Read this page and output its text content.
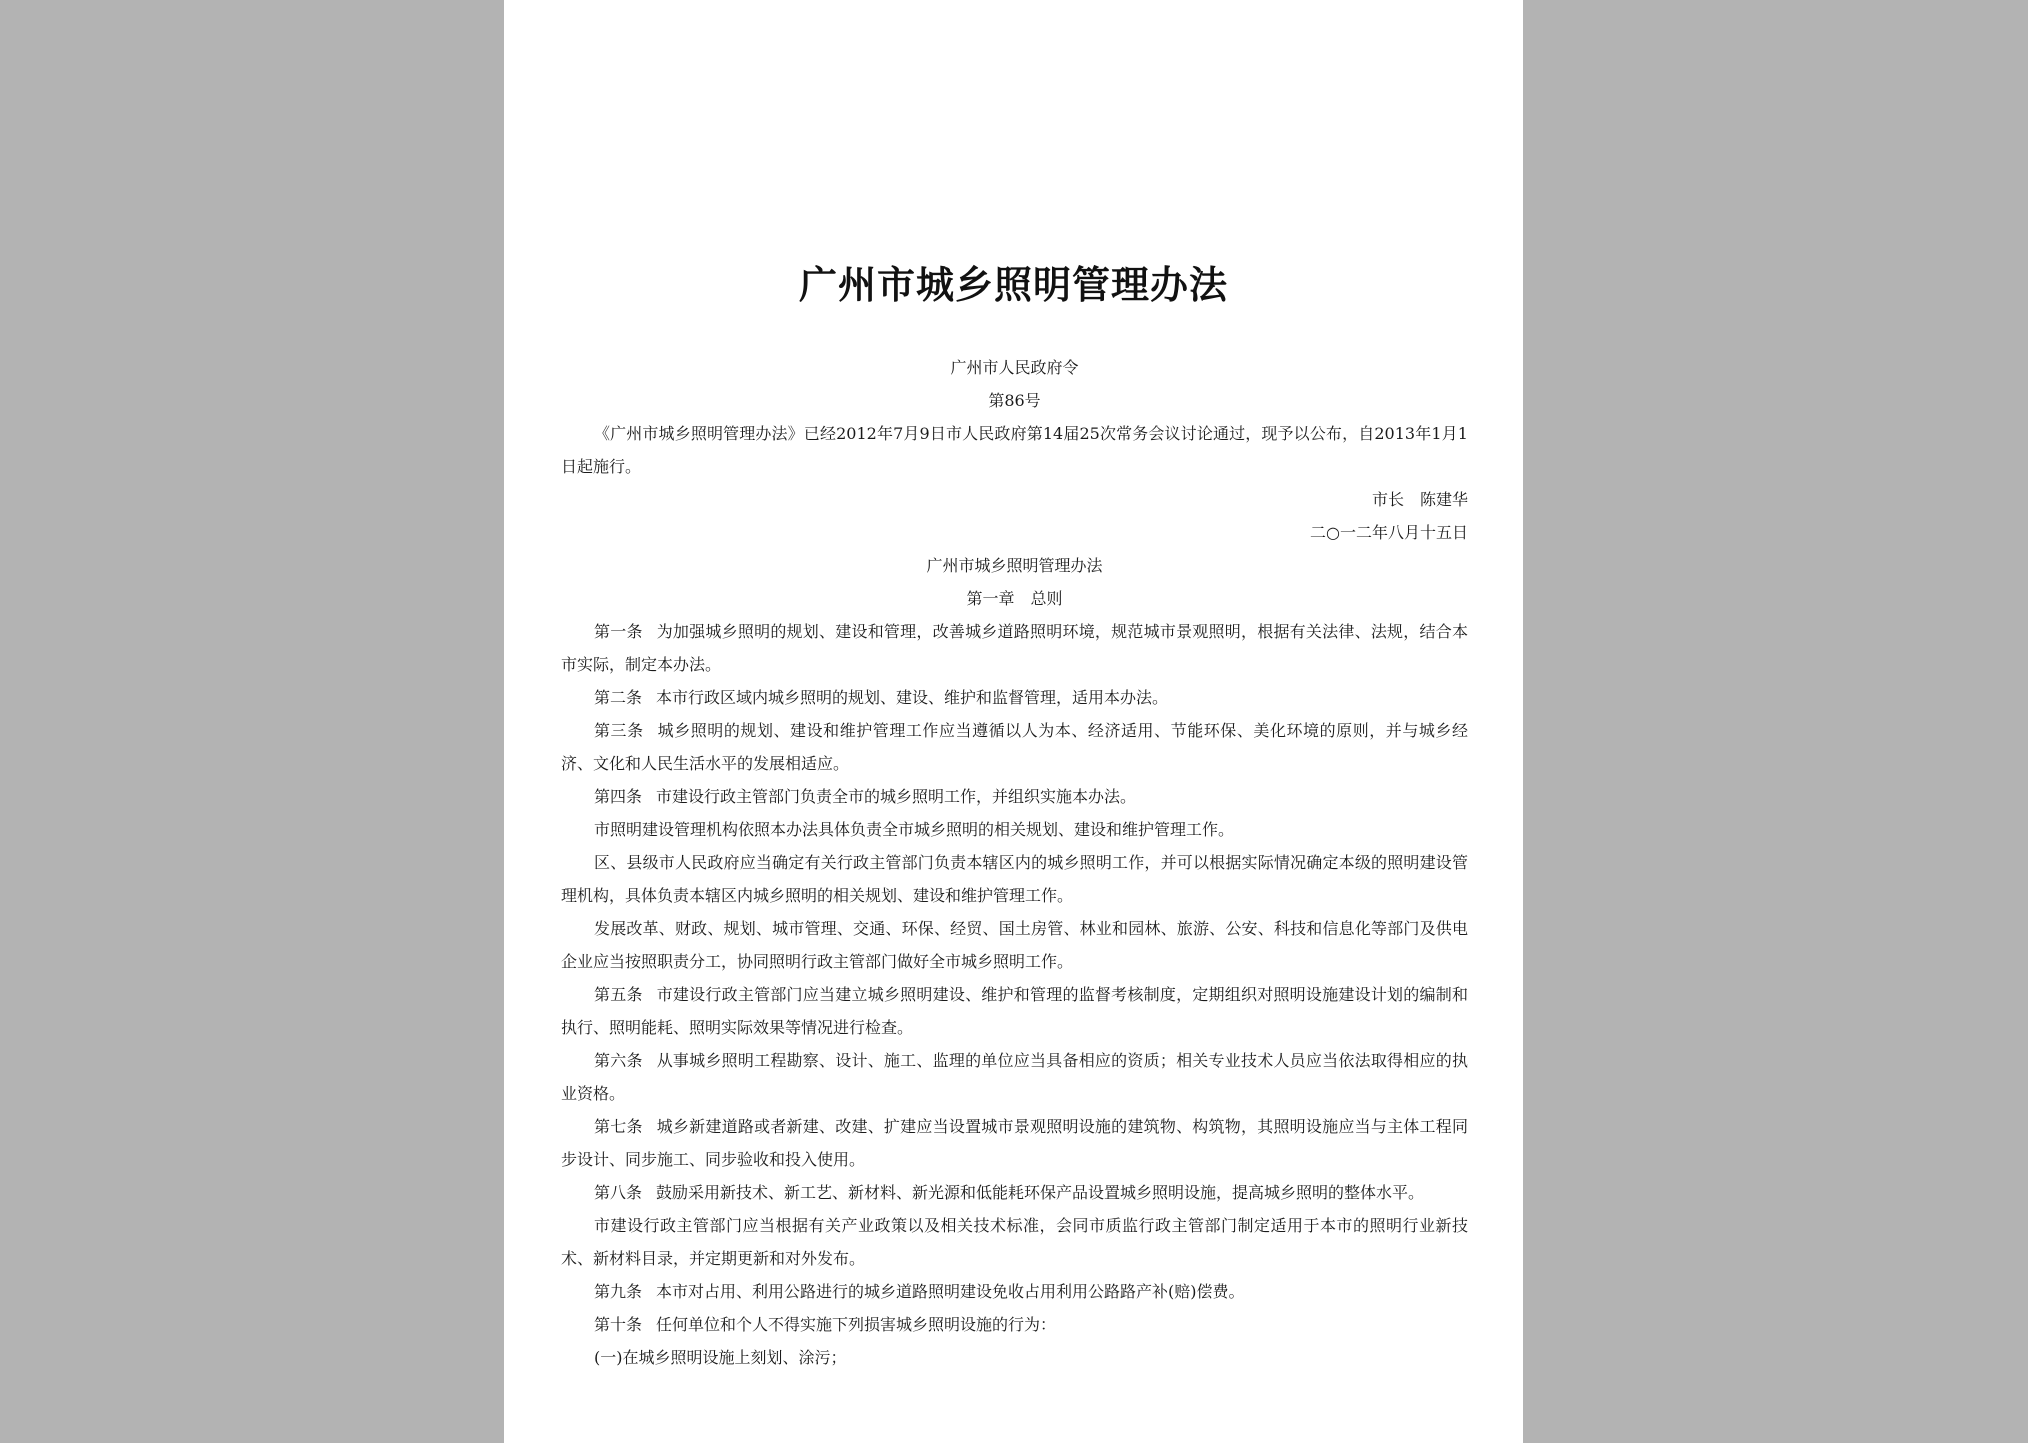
广州市城乡照明管理办法
广州市人民政府令
第86号

《广州市城乡照明管理办法》已经2012年7月9日市人民政府第14届25次常务会议讨论通过，现予以公布，自2013年1月1日起施行。

市长　陈建华
二○一二年八月十五日
广州市城乡照明管理办法
第一章　总则

第一条 为加强城乡照明的规划、建设和管理，改善城乡道路照明环境，规范城市景观照明，根据有关法律、法规，结合本市实际，制定本办法。

第二条 本市行政区域内城乡照明的规划、建设、维护和监督管理，适用本办法。

第三条 城乡照明的规划、建设和维护管理工作应当遵循以人为本、经济适用、节能环保、美化环境的原则，并与城乡经济、文化和人民生活水平的发展相适应。

第四条 市建设行政主管部门负责全市的城乡照明工作，并组织实施本办法。

市照明建设管理机构依照本办法具体负责全市城乡照明的相关规划、建设和维护管理工作。

区、县级市人民政府应当确定有关行政主管部门负责本辖区内的城乡照明工作，并可以根据实际情况确定本级的照明建设管理机构，具体负责本辖区内城乡照明的相关规划、建设和维护管理工作。

发展改革、财政、规划、城市管理、交通、环保、经贸、国土房管、林业和园林、旅游、公安、科技和信息化等部门及供电企业应当按照职责分工，协同照明行政主管部门做好全市城乡照明工作。

第五条 市建设行政主管部门应当建立城乡照明建设、维护和管理的监督考核制度，定期组织对照明设施建设计划的编制和执行、照明能耗、照明实际效果等情况进行检查。

第六条 从事城乡照明工程勘察、设计、施工、监理的单位应当具备相应的资质；相关专业技术人员应当依法取得相应的执业资格。

第七条 城乡新建道路或者新建、改建、扩建应当设置城市景观照明设施的建筑物、构筑物，其照明设施应当与主体工程同步设计、同步施工、同步验收和投入使用。

第八条 鼓励采用新技术、新工艺、新材料、新光源和低能耗环保产品设置城乡照明设施，提高城乡照明的整体水平。

市建设行政主管部门应当根据有关产业政策以及相关技术标准，会同市质监行政主管部门制定适用于本市的照明行业新技术、新材料目录，并定期更新和对外发布。

第九条 本市对占用、利用公路进行的城乡道路照明建设免收占用利用公路路产补(赔)偿费。

第十条 任何单位和个人不得实施下列损害城乡照明设施的行为：

(一)在城乡照明设施上刻划、涂污；
